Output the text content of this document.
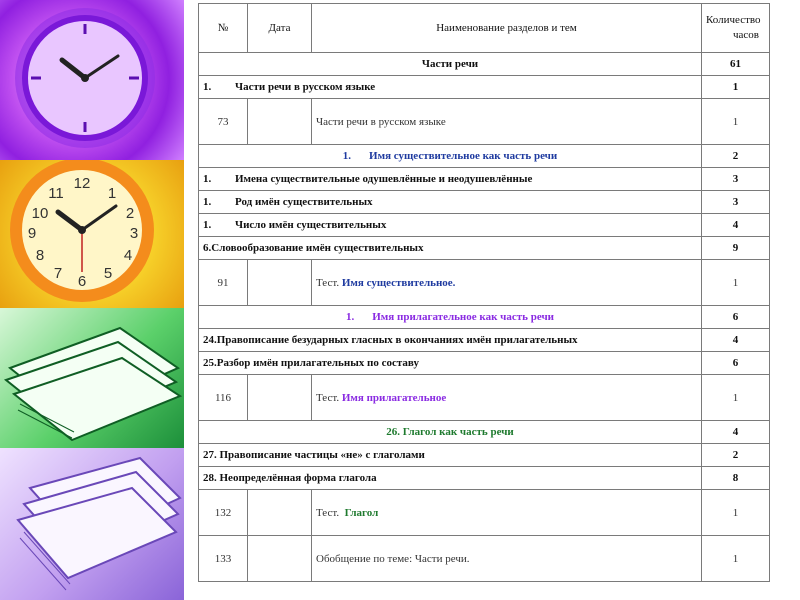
12
1
2
3
4
5
6
7
8
9
10
11
№	Дата	Наименование разделов и тем	Количество часов
Части речи			61
1. Части речи в русском языке			1
73		Части речи в русском языке	1
1. Имя существительное как часть речи			2
1. Имена существительные одушевлённые и неодушевлённые			3
1. Род имён существительных			3
1. Число имён существительных			4
6.Словообразование имён существительных			9
91		Тест. Имя существительное.	1
1. Имя прилагательное как часть речи			6
24.Правописание безударных гласных в окончаниях имён прилагательных			4
25.Разбор имён прилагательных по составу			6
116		Тест. Имя прилагательное	1
26. Глагол как часть речи			4
27. Правописание частицы «не» с глаголами			2
28. Неопределённая форма глагола			8
132		Тест.  Глагол	1
133		Обобщение по теме: Части речи.	1
